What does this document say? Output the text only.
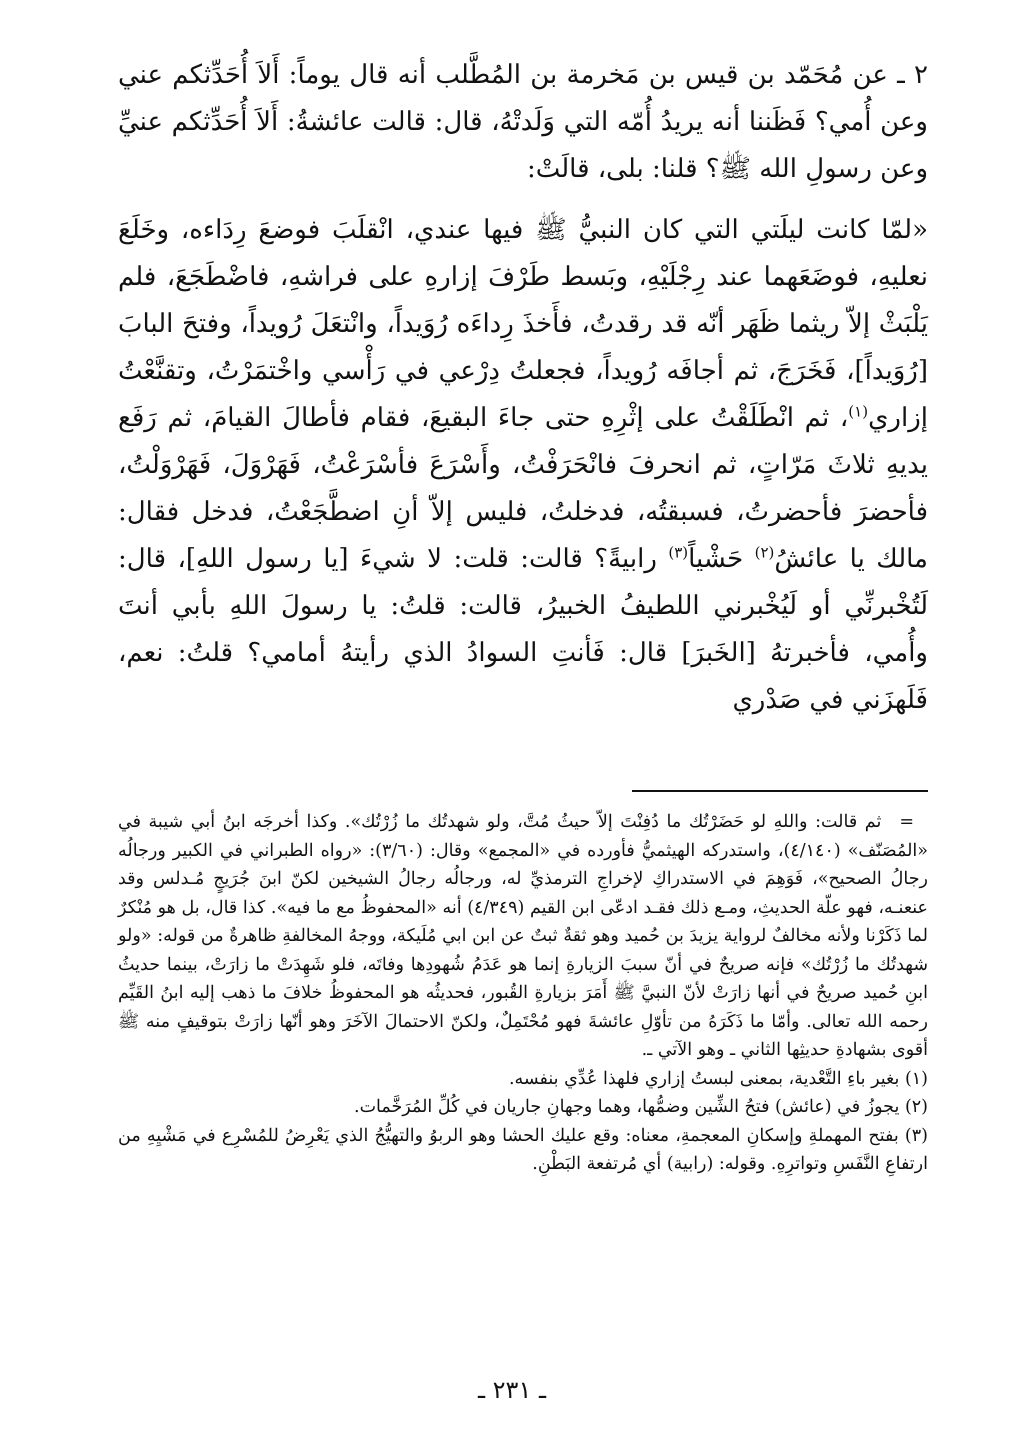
٢ ـ عن مُحَمّد بن قيس بن مَخرمة بن المُطَّلب أنه قال يوماً: أَلاَ أُحَدِّثكم عني وعن أُمي؟ فَظَننا أنه يريدُ أُمّه التي وَلَدتْهُ، قال: قالت عائشةُ: أَلاَ أُحَدِّثكم عنيِّ وعن رسولِ الله ﷺ؟ قلنا: بلى، قالَتْ:

«لمّا كانت ليلَتي التي كان النبيُّ ﷺ فيها عندي، انْقلَبَ فوضعَ رِدَاءه، وخَلَعَ نعليهِ، فوضَعَهما عند رِجْلَيْهِ، وبَسط طَرْفَ إزارهِ على فراشهِ، فاضْطَجَعَ، فلم يَلْبَثْ إلاّ ريثما ظَهَر أنّه قد رقدتُ، فأَخذَ رِداءَه رُوَيداً، وانْتعَلَ رُويداً، وفتحَ البابَ [رُوَيداً]، فَخَرَجَ، ثم أجافَه رُويداً، فجعلتُ دِرْعي في رَأْسي واخْتمَرْتُ، وتقنَّعْتُ إزاري$^{(١)}$، ثم انْطَلَقْتُ على إثْرِهِ حتى جاءَ البقيعَ، فقام فأطالَ القيامَ، ثم رَفَع يديهِ ثلاثَ مَرّاتٍ، ثم انحرفَ فانْحَرَفْتُ، وأَسْرَعَ فأسْرَعْتُ، فَهَرْوَلَ، فَهَرْوَلْتُ، فأحضرَ فأحضرتُ، فسبقتُه، فدخلتُ، فليس إلاّ أنِ اضطَّجَعْتُ، فدخل فقال: مالك يا عائشُ$^{(٢)}$ حَشْياً$^{(٣)}$ رابيةً؟ قالت: قلت: لا شيءَ [يا رسول اللهِ]، قال: لَتُخْبرنِّي أو لَيُخْبرني اللطيفُ الخبيرُ، قالت: قلتُ: يا رسولَ اللهِ بأبي أنتَ وأُمي، فأخبرتهُ [الخَبرَ] قال: فَأنتِ السوادُ الذي رأيتهُ أمامي؟ قلتُ: نعم، فَلَهزَني في صَدْري

=ثم قالت: واللهِ لو حَضَرْتُك ما دُفِنْتَ إلاّ حيثُ مُتَّ، ولو شهدتُك ما زُرْتُك». وكذا أخرجَه ابنُ أبي شيبة في «المُصَنّف» (٤/١٤٠)، واستدركه الهيثميُّ فأورده في «المجمع» وقال: (٣/٦٠): «رواه الطبراني في الكبير ورجالُه رجالُ الصحيح»، فَوَهِمَ في الاستدراكِ لإخراجِ الترمذيِّ له، ورجالُه رجالُ الشيخين لكنّ ابنَ جُرَيجٍ مُـدلس وقد عنعنـه، فهو علّة الحديثِ، ومـع ذلك فقـد ادعّى ابن القيم (٤/٣٤٩) أنه «المحفوظُ مع ما فيه». كذا قال، بل هو مُنْكرٌ لما ذَكَرْنا ولأنه مخالفٌ لرواية يزيدَ بن حُميد وهو ثقةٌ ثبتٌ عن ابن ابي مُلَيكة، ووجهُ المخالفةِ ظاهرةٌ من قوله: «ولو شهدتُك ما زُرْتُك» فإنه صريحٌ في أنّ سببَ الزيارةِ إنما هو عَدَمُ شُهودِها وفاتَه، فلو شَهِدَتْ ما زارَتْ، بينما حديثُ ابنِ حُميد صريحٌ في أنها زارَتْ لأنّ النبيَّ ﷺ أَمَرَ بزيارةِ القُبور، فحديثُه هو المحفوظُ خلافَ ما ذهب إليه ابنُ القَيِّم رحمه الله تعالى. وأمّا ما ذَكَرَهُ من تأوّلِ عائشةَ فهو مُحْتَمِلٌ، ولكنّ الاحتمالَ الآخَرَ وهو أنّها زارَتْ بتوقيفٍ منه ﷺ أقوى بشهادةِ حديثِها الثاني ـ وهو الآتي ـ.

(١) بغير باءِ التَّعْدية، بمعنى لبستُ إزاري فلهذا عُدِّي بنفسه.

(٢) يجوزُ في (عائش) فتحُ الشِّين وضمُّها، وهما وجهانِ جاريان في كُلِّ المُرَخَّمات.

(٣) بفتح المهملةِ وإسكانِ المعجمةِ، معناه: وقع عليك الحشا وهو الربوُ والتهيُّجُ الذي يَعْرِضُ للمُسْرِع في مَشْيِهِ من ارتفاعِ النَّفَسِ وتواترِهِ. وقوله: (رابية) أي مُرتفعة البَطْنِ.

ـ ٢٣١ ـ
